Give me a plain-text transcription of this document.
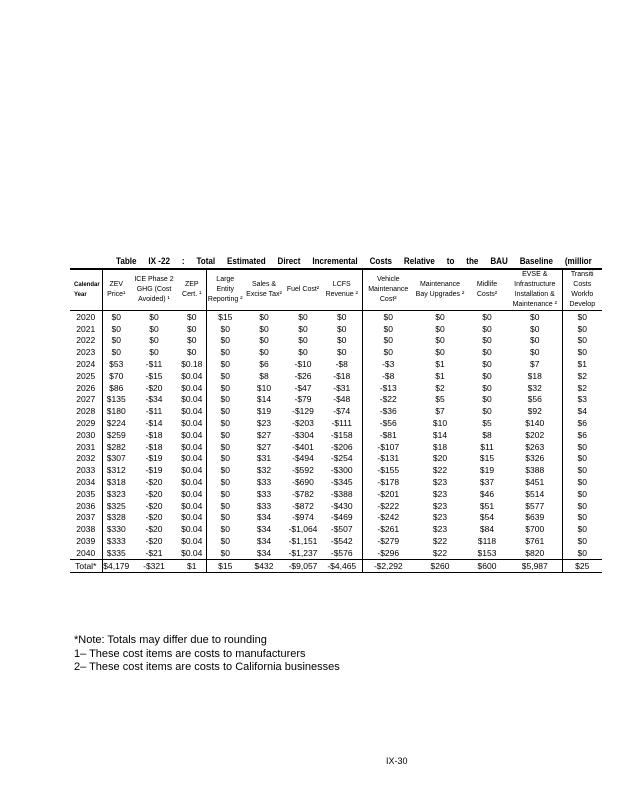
Table IX -22 : Total Estimated Direct Incremental Costs Relative to the BAU Baseline (millior
Calendar Year	ZEV Price¹	ICE Phase 2 GHG (Cost Avoided) ¹	ZEP Cert. ¹	Large Entity Reporting ²	Sales & Excise Tax²	Fuel Cost²	LCFS Revenue ²	Vehicle Maintenance Cost²	Maintenance Bay Upgrades ²	Midlife Costs²	EVSE & Infrastructure Installation & Maintenance ²	Transiti Costs Workfo Develop
2020	$0	$0	$0	$15	$0	$0	$0	$0	$0	$0	$0	$0
2021	$0	$0	$0	$0	$0	$0	$0	$0	$0	$0	$0	$0
2022	$0	$0	$0	$0	$0	$0	$0	$0	$0	$0	$0	$0
2023	$0	$0	$0	$0	$0	$0	$0	$0	$0	$0	$0	$0
2024	$53	-$11	$0.18	$0	$6	-$10	-$8	-$3	$1	$0	$7	$1
2025	$70	-$15	$0.04	$0	$8	-$26	-$18	-$8	$1	$0	$18	$2
2026	$86	-$20	$0.04	$0	$10	-$47	-$31	-$13	$2	$0	$32	$2
2027	$135	-$34	$0.04	$0	$14	-$79	-$48	-$22	$5	$0	$56	$3
2028	$180	-$11	$0.04	$0	$19	-$129	-$74	-$36	$7	$0	$92	$4
2029	$224	-$14	$0.04	$0	$23	-$203	-$111	-$56	$10	$5	$140	$6
2030	$259	-$18	$0.04	$0	$27	-$304	-$158	-$81	$14	$8	$202	$6
2031	$282	-$18	$0.04	$0	$27	-$401	-$206	-$107	$18	$11	$263	$0
2032	$307	-$19	$0.04	$0	$31	-$494	-$254	-$131	$20	$15	$326	$0
2033	$312	-$19	$0.04	$0	$32	-$592	-$300	-$155	$22	$19	$388	$0
2034	$318	-$20	$0.04	$0	$33	-$690	-$345	-$178	$23	$37	$451	$0
2035	$323	-$20	$0.04	$0	$33	-$782	-$388	-$201	$23	$46	$514	$0
2036	$325	-$20	$0.04	$0	$33	-$872	-$430	-$222	$23	$51	$577	$0
2037	$328	-$20	$0.04	$0	$34	-$974	-$469	-$242	$23	$54	$639	$0
2038	$330	-$20	$0.04	$0	$34	-$1,064	-$507	-$261	$23	$84	$700	$0
2039	$333	-$20	$0.04	$0	$34	-$1,151	-$542	-$279	$22	$118	$761	$0
2040	$335	-$21	$0.04	$0	$34	-$1,237	-$576	-$296	$22	$153	$820	$0
Total*	$4,179	-$321	$1	$15	$432	-$9,057	-$4,465	-$2,292	$260	$600	$5,987	$25
*Note: Totals may differ due to rounding
1– These cost items are costs to manufacturers
2– These cost items are costs to California businesses
IX-30
